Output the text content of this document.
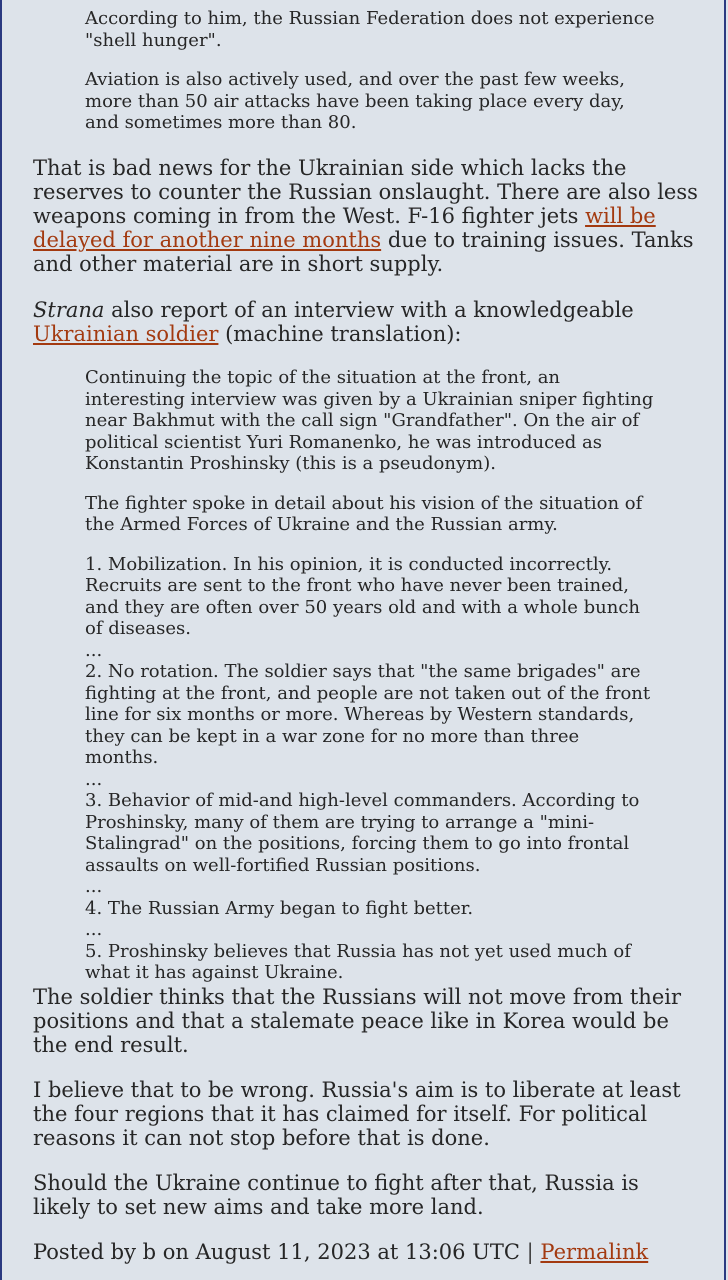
According to him, the Russian Federation does not experience "shell hunger".

Aviation is also actively used, and over the past few weeks, more than 50 air attacks have been taking place every day, and sometimes more than 80.

That is bad news for the Ukrainian side which lacks the reserves to counter the Russian onslaught. There are also less weapons coming in from the West. F-16 fighter jets will be delayed for another nine months due to training issues. Tanks and other material are in short supply.

Strana also report of an interview with a knowledgeable Ukrainian soldier (machine translation):

Continuing the topic of the situation at the front, an interesting interview was given by a Ukrainian sniper fighting near Bakhmut with the call sign "Grandfather". On the air of political scientist Yuri Romanenko, he was introduced as Konstantin Proshinsky (this is a pseudonym).

The fighter spoke in detail about his vision of the situation of the Armed Forces of Ukraine and the Russian army.

1. Mobilization. In his opinion, it is conducted incorrectly. Recruits are sent to the front who have never been trained, and they are often over 50 years old and with a whole bunch of diseases.

...

2. No rotation. The soldier says that "the same brigades" are fighting at the front, and people are not taken out of the front line for six months or more. Whereas by Western standards, they can be kept in a war zone for no more than three months.

...

3. Behavior of mid-and high-level commanders. According to Proshinsky, many of them are trying to arrange a "mini-Stalingrad" on the positions, forcing them to go into frontal assaults on well-fortified Russian positions.

...

4. The Russian Army began to fight better.

...

5. Proshinsky believes that Russia has not yet used much of what it has against Ukraine.

The soldier thinks that the Russians will not move from their positions and that a stalemate peace like in Korea would be the end result.

I believe that to be wrong. Russia's aim is to liberate at least the four regions that it has claimed for itself. For political reasons it can not stop before that is done.

Should the Ukraine continue to fight after that, Russia is likely to set new aims and take more land.

Posted by b on August 11, 2023 at 13:06 UTC | Permalink
